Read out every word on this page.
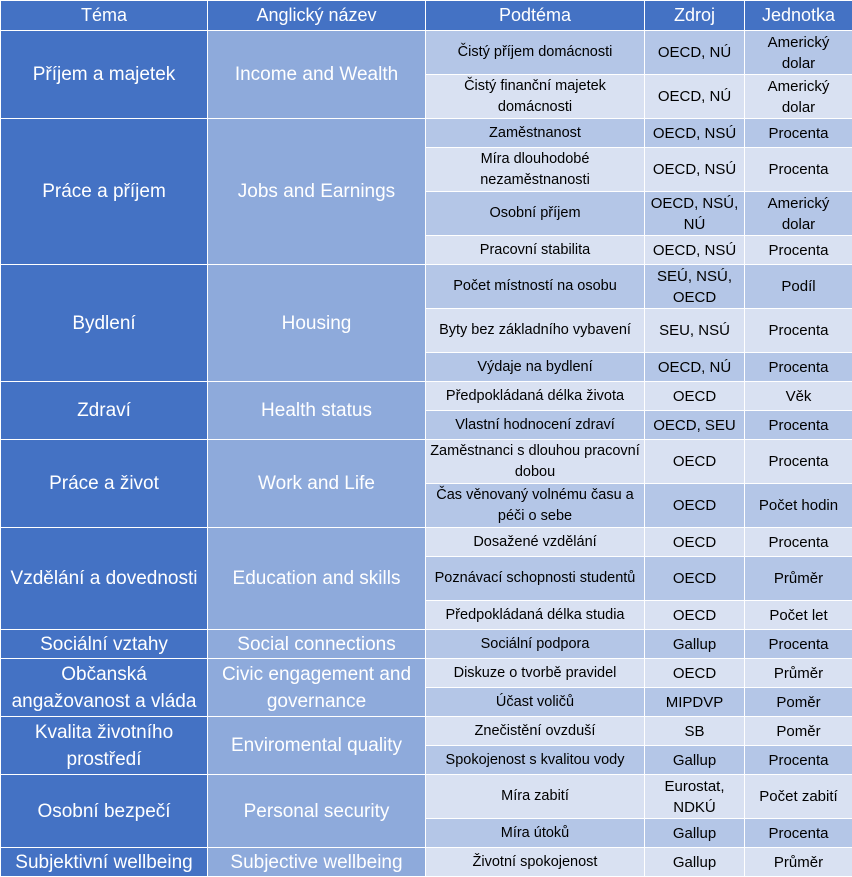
Téma	Anglický název	Podtéma	Zdroj	Jednotka
Příjem a majetek	Income and Wealth	Čistý příjem domácnosti	OECD, NÚ	Americký dolar
		Čistý finanční majetek domácnosti	OECD, NÚ	Americký dolar
Práce a příjem	Jobs and Earnings	Zaměstnanost	OECD, NSÚ	Procenta
		Míra dlouhodobé nezaměstnanosti	OECD, NSÚ	Procenta
		Osobní příjem	OECD, NSÚ, NÚ	Americký dolar
		Pracovní stabilita	OECD, NSÚ	Procenta
Bydlení	Housing	Počet místností na osobu	SEÚ, NSÚ, OECD	Podíl
		Byty bez základního vybavení	SEU, NSÚ	Procenta
		Výdaje na bydlení	OECD, NÚ	Procenta
Zdraví	Health status	Předpokládaná délka života	OECD	Věk
		Vlastní hodnocení zdraví	OECD, SEU	Procenta
Práce a život	Work and Life	Zaměstnanci s dlouhou pracovní dobou	OECD	Procenta
		Čas věnovaný volnému času a péči o sebe	OECD	Počet hodin
Vzdělání a dovednosti	Education and skills	Dosažené vzdělání	OECD	Procenta
		Poznávací schopnosti studentů	OECD	Průměr
		Předpokládaná délka studia	OECD	Počet let
Sociální vztahy	Social connections	Sociální podpora	Gallup	Procenta
Občanská angažovanost a vláda	Civic engagement and governance	Diskuze o tvorbě pravidel	OECD	Průměr
		Účast voličů	MIPDVP	Poměr
Kvalita životního prostředí	Enviromental quality	Znečistění ovzduší	SB	Poměr
		Spokojenost s kvalitou vody	Gallup	Procenta
Osobní bezpečí	Personal security	Míra zabití	Eurostat, NDKÚ	Počet zabití
		Míra útoků	Gallup	Procenta
Subjektivní wellbeing	Subjective wellbeing	Životní spokojenost	Gallup	Průměr
